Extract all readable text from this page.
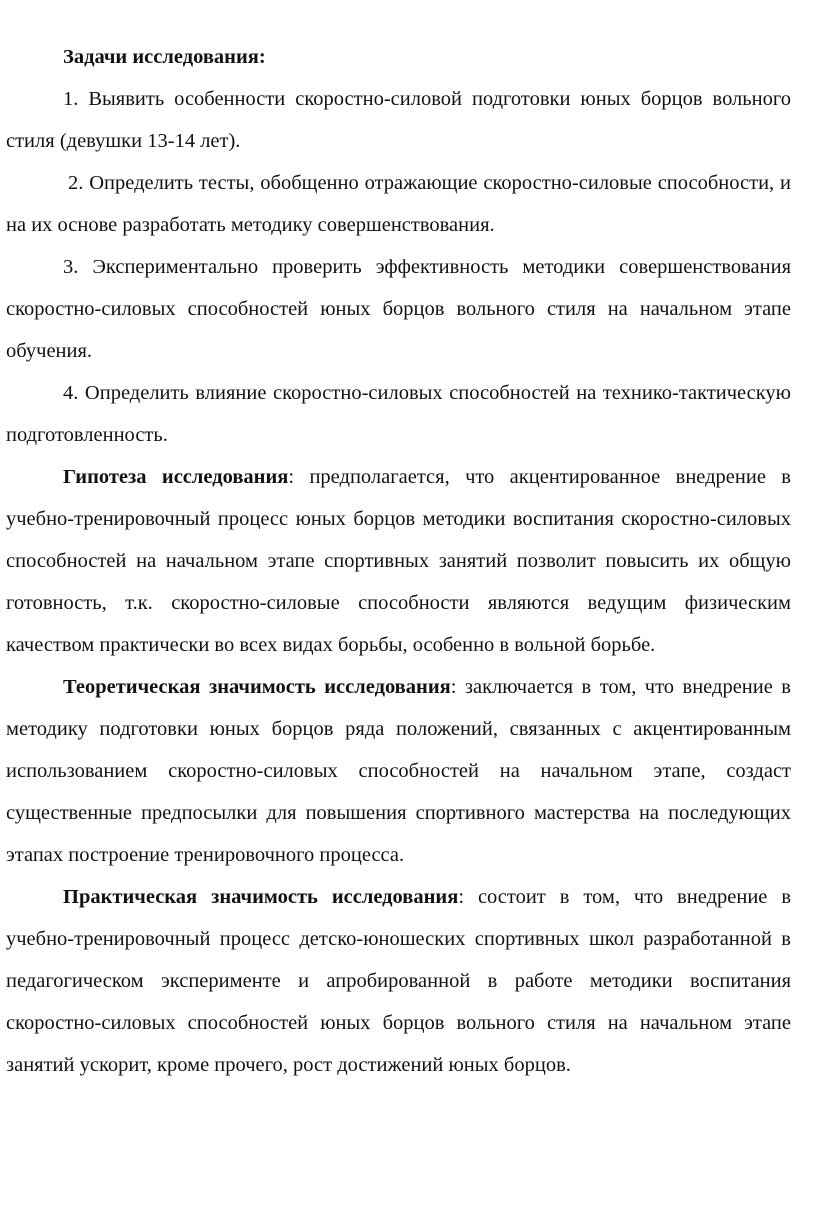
Задачи исследования:

1. Выявить особенности скоростно-силовой подготовки юных борцов вольного стиля (девушки 13-14 лет).

2. Определить тесты, обобщенно отражающие скоростно-силовые способности, и на их основе разработать методику совершенствования.

3. Экспериментально проверить эффективность методики совершенствования скоростно-силовых способностей юных борцов вольного стиля на начальном этапе обучения.

4. Определить влияние скоростно-силовых способностей на технико-тактическую подготовленность.

Гипотеза исследования: предполагается, что акцентированное внедрение в учебно-тренировочный процесс юных борцов методики воспитания скоростно-силовых способностей на начальном этапе спортивных занятий позволит повысить их общую готовность, т.к. скоростно-силовые способности являются ведущим физическим качеством практически во всех видах борьбы, особенно в вольной борьбе.

Теоретическая значимость исследования: заключается в том, что внедрение в методику подготовки юных борцов ряда положений, связанных с акцентированным использованием скоростно-силовых способностей на начальном этапе, создаст существенные предпосылки для повышения спортивного мастерства на последующих этапах построение тренировочного процесса.

Практическая значимость исследования: состоит в том, что внедрение в учебно-тренировочный процесс детско-юношеских спортивных школ разработанной в педагогическом эксперименте и апробированной в работе методики воспитания скоростно-силовых способностей юных борцов вольного стиля на начальном этапе занятий ускорит, кроме прочего, рост достижений юных борцов.
